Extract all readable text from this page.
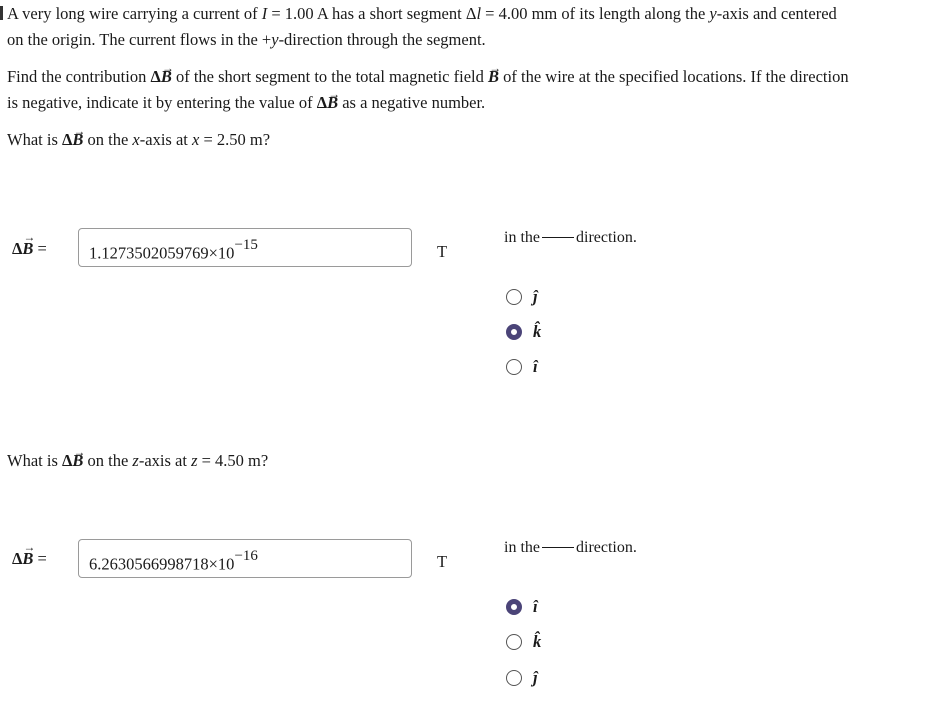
A very long wire carrying a current of I = 1.00 A has a short segment Δl = 4.00 mm of its length along the y-axis and centered
on the origin. The current flows in the +y-direction through the segment.
Find the contribution Δ→ B of the short segment to the total magnetic field → B of the wire at the specified locations. If the direction
is negative, indicate it by entering the value of Δ→ B as a negative number.
What is Δ→ B on the x-axis at x = 2.50 m?
Δ→ B =	$1.1273502059769\times 10^{-15}$	T
in the direction.
ĵ
k̂
î
What is Δ→ B on the z-axis at z = 4.50 m?
Δ→ B =	$6.2630566998718\times 10^{-16}$	T
in the direction.
î
k̂
ĵ
